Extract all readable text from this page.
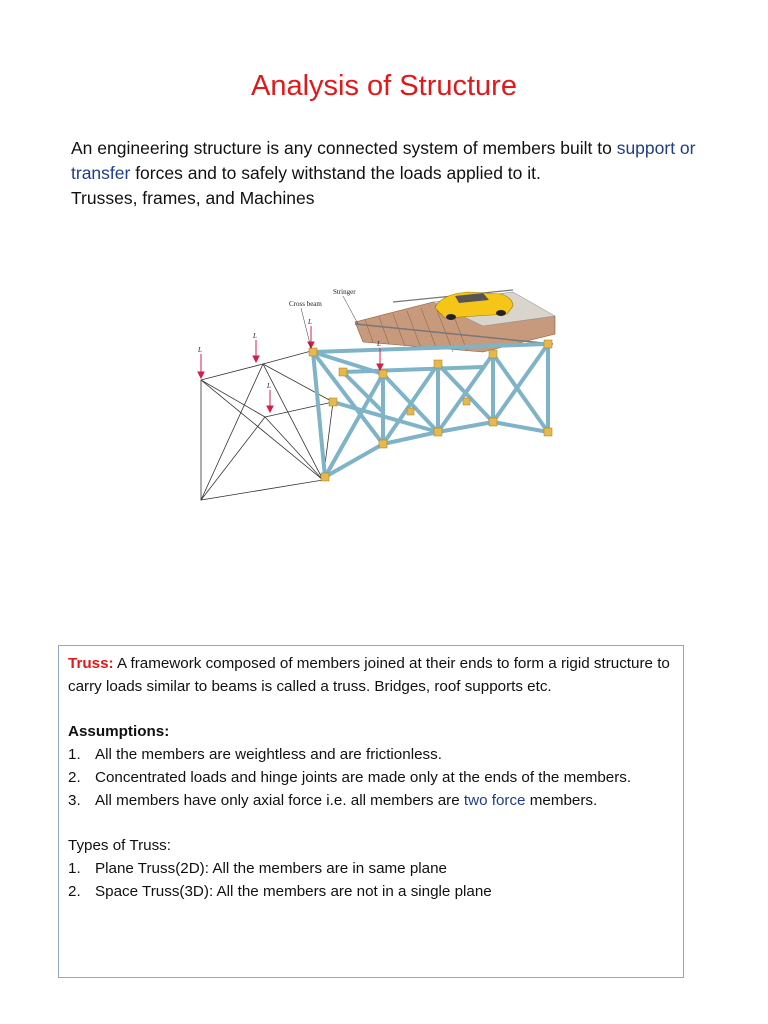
Analysis of Structure
An engineering structure is any connected system of members built to support or transfer forces and to safely withstand the loads applied to it.
Trusses, frames, and Machines
L
L
L
L
L
Stringer
Cross beam

Truss: A framework composed of members joined at their ends to form a rigid structure to carry loads similar to beams is called a truss. Bridges, roof supports etc.

Assumptions:

1. All the members are weightless and are frictionless.
2. Concentrated loads and hinge joints are made only at the ends of the members.
3. All members have only axial force i.e. all members are two force members.

Types of Truss:

1. Plane Truss(2D): All the members are in same plane
2. Space Truss(3D): All the members are not in a single plane
